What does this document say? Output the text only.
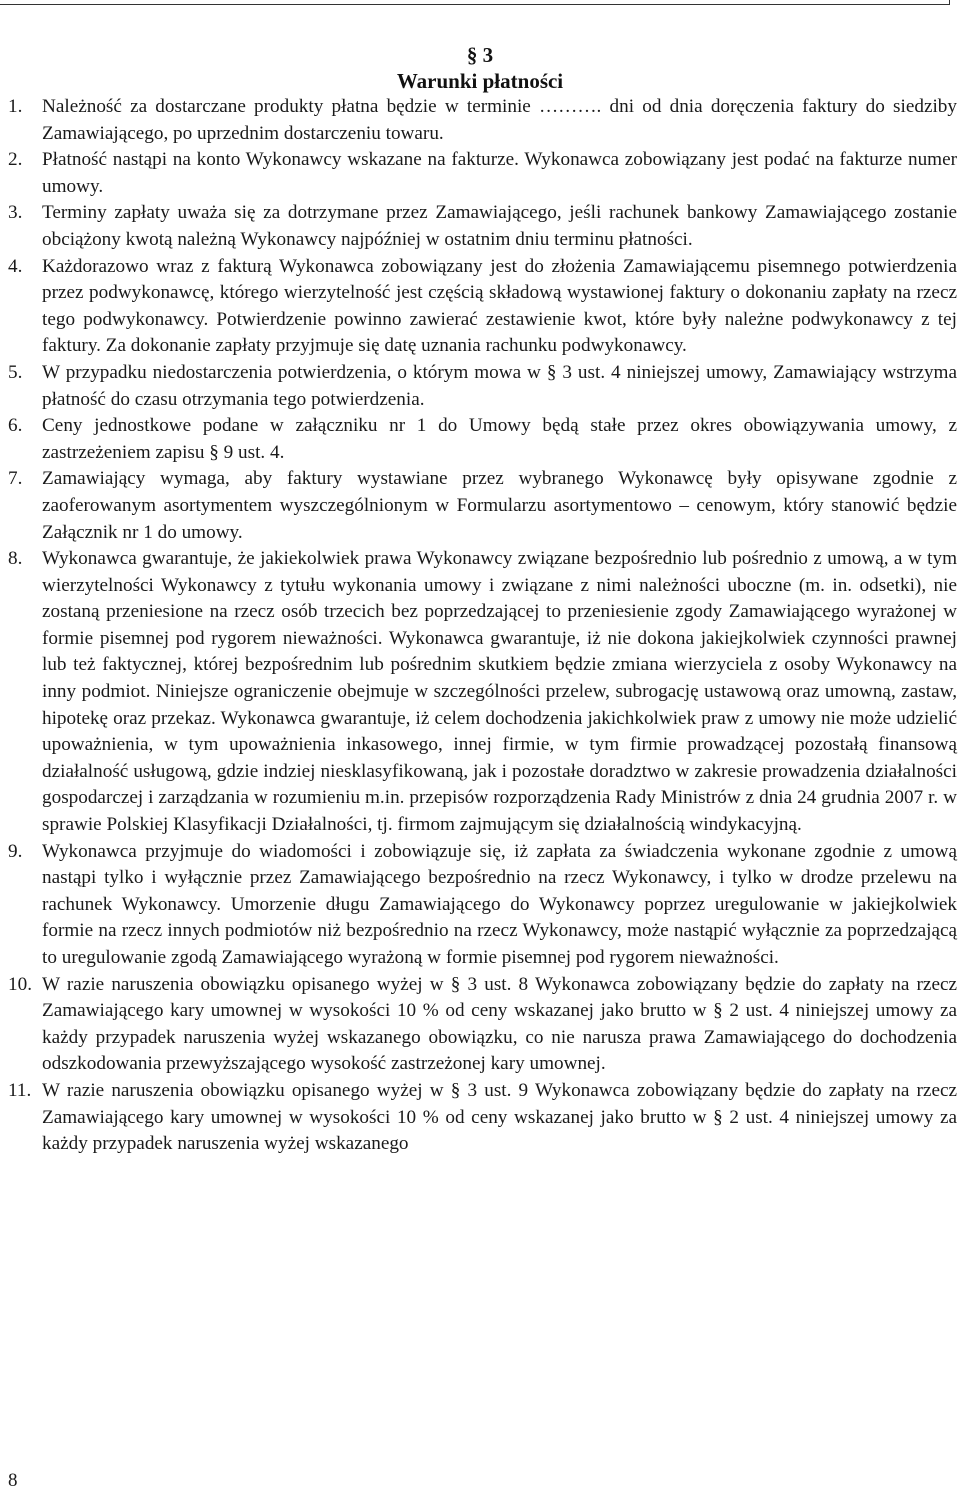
§ 3
Warunki płatności
1.	Należność za dostarczane produkty płatna będzie w terminie ………. dni od dnia doręczenia faktury do siedziby Zamawiającego, po uprzednim dostarczeniu towaru.
2.	Płatność nastąpi na konto Wykonawcy wskazane na fakturze. Wykonawca zobowiązany jest podać na fakturze numer umowy.
3.	Terminy zapłaty uważa się za dotrzymane przez Zamawiającego, jeśli rachunek bankowy Zamawiającego zostanie obciążony kwotą należną Wykonawcy najpóźniej w ostatnim dniu terminu płatności.
4.	Każdorazowo wraz z fakturą Wykonawca zobowiązany jest do złożenia Zamawiającemu pisemnego potwierdzenia przez podwykonawcę, którego wierzytelność jest częścią składową wystawionej faktury o dokonaniu zapłaty na rzecz tego podwykonawcy. Potwierdzenie powinno zawierać zestawienie kwot, które były należne podwykonawcy z tej faktury. Za dokonanie zapłaty przyjmuje się datę uznania rachunku podwykonawcy.
5.	W przypadku niedostarczenia potwierdzenia, o którym mowa w § 3 ust. 4 niniejszej umowy, Zamawiający wstrzyma płatność do czasu otrzymania tego potwierdzenia.
6.	Ceny jednostkowe podane w załączniku nr 1 do Umowy będą stałe przez okres obowiązywania umowy, z zastrzeżeniem zapisu § 9 ust. 4.
7.	Zamawiający wymaga, aby faktury wystawiane przez wybranego Wykonawcę były opisywane zgodnie z zaoferowanym asortymentem wyszczególnionym w Formularzu asortymentowo – cenowym, który stanowić będzie Załącznik nr 1 do umowy.
8.	Wykonawca gwarantuje, że jakiekolwiek prawa Wykonawcy związane bezpośrednio lub pośrednio z umową, a w tym wierzytelności Wykonawcy z tytułu wykonania umowy i związane z nimi należności uboczne (m. in. odsetki), nie zostaną przeniesione na rzecz osób trzecich bez poprzedzającej to przeniesienie zgody Zamawiającego wyrażonej w formie pisemnej pod rygorem nieważności. Wykonawca gwarantuje, iż nie dokona jakiejkolwiek czynności prawnej lub też faktycznej, której bezpośrednim lub pośrednim skutkiem będzie zmiana wierzyciela z osoby Wykonawcy na inny podmiot. Niniejsze ograniczenie obejmuje w szczególności przelew, subrogację ustawową oraz umowną, zastaw, hipotekę oraz przekaz. Wykonawca gwarantuje, iż celem dochodzenia jakichkolwiek praw z umowy nie może udzielić upoważnienia, w tym upoważnienia inkasowego, innej firmie, w tym firmie prowadzącej pozostałą finansową działalność usługową, gdzie indziej niesklasyfikowaną, jak i pozostałe doradztwo w zakresie prowadzenia działalności gospodarczej i zarządzania w rozumieniu m.in. przepisów rozporządzenia Rady Ministrów z dnia 24 grudnia 2007 r. w sprawie Polskiej Klasyfikacji Działalności, tj. firmom zajmującym się działalnością windykacyjną.
9.	Wykonawca przyjmuje do wiadomości i zobowiązuje się, iż zapłata za świadczenia wykonane zgodnie z umową nastąpi tylko i wyłącznie przez Zamawiającego bezpośrednio na rzecz Wykonawcy, i tylko w drodze przelewu na rachunek Wykonawcy. Umorzenie długu Zamawiającego do Wykonawcy poprzez uregulowanie w jakiejkolwiek formie na rzecz innych podmiotów niż bezpośrednio na rzecz Wykonawcy, może nastąpić wyłącznie za poprzedzającą to uregulowanie zgodą Zamawiającego wyrażoną w formie pisemnej pod rygorem nieważności.
10. W razie naruszenia obowiązku opisanego wyżej w § 3 ust. 8 Wykonawca zobowiązany będzie do zapłaty na rzecz Zamawiającego kary umownej w wysokości 10 % od ceny wskazanej jako brutto w § 2 ust. 4 niniejszej umowy za każdy przypadek naruszenia wyżej wskazanego obowiązku, co nie narusza prawa Zamawiającego do dochodzenia odszkodowania przewyższającego wysokość zastrzeżonej kary umownej.
11. W razie naruszenia obowiązku opisanego wyżej w § 3 ust. 9 Wykonawca zobowiązany będzie do zapłaty na rzecz Zamawiającego kary umownej w wysokości 10 % od ceny wskazanej jako brutto w § 2 ust. 4 niniejszej umowy za każdy przypadek naruszenia wyżej wskazanego
8
